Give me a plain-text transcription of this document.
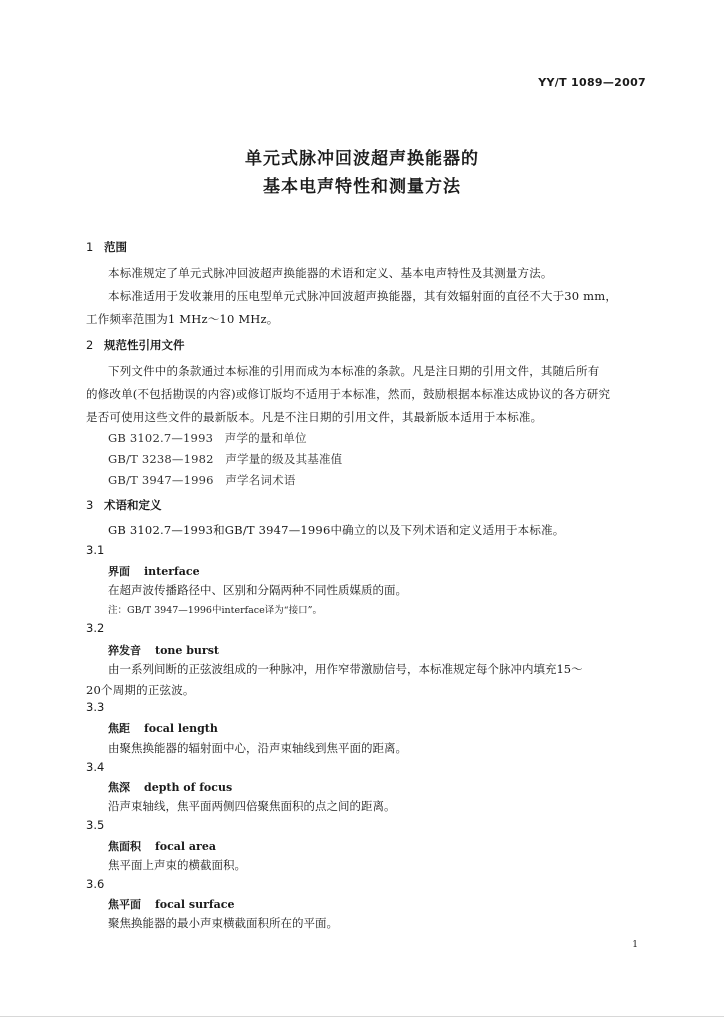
YY/T 1089—2007
单元式脉冲回波超声换能器的
基本电声特性和测量方法
1 范围
本标准规定了单元式脉冲回波超声换能器的术语和定义、基本电声特性及其测量方法。
本标准适用于发收兼用的压电型单元式脉冲回波超声换能器，其有效辐射面的直径不大于30 mm，
工作频率范围为1 MHz～10 MHz。
2 规范性引用文件
下列文件中的条款通过本标准的引用而成为本标准的条款。凡是注日期的引用文件，其随后所有
的修改单(不包括勘误的内容)或修订版均不适用于本标准，然而，鼓励根据本标准达成协议的各方研究
是否可使用这些文件的最新版本。凡是不注日期的引用文件，其最新版本适用于本标准。
GB 3102.7—1993　声学的量和单位
GB/T 3238—1982　声学量的级及其基准值
GB/T 3947—1996　声学名词术语
3 术语和定义
GB 3102.7—1993和GB/T 3947—1996中确立的以及下列术语和定义适用于本标准。
3.1
界面 interface
在超声波传播路径中、区别和分隔两种不同性质媒质的面。
注：GB/T 3947—1996中interface译为“接口”。
3.2
猝发音 tone burst
由一系列间断的正弦波组成的一种脉冲，用作窄带激励信号，本标准规定每个脉冲内填充15～
20个周期的正弦波。
3.3
焦距 focal length
由聚焦换能器的辐射面中心，沿声束轴线到焦平面的距离。
3.4
焦深 depth of focus
沿声束轴线，焦平面两侧四倍聚焦面积的点之间的距离。
3.5
焦面积 focal area
焦平面上声束的横截面积。
3.6
焦平面 focal surface
聚焦换能器的最小声束横截面积所在的平面。
1
